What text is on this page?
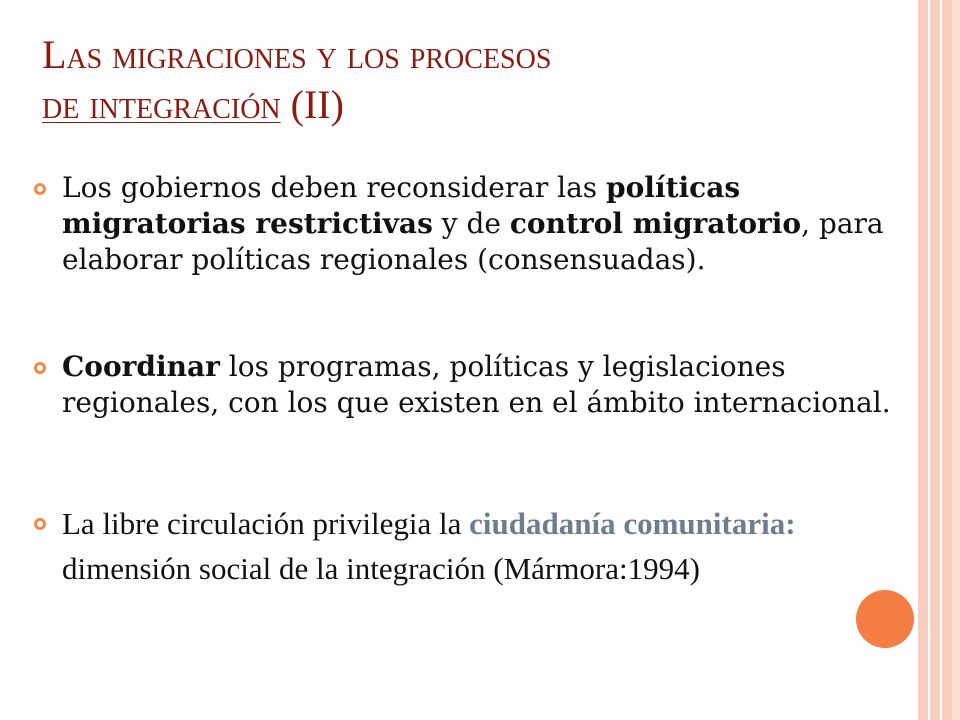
Las migraciones y los procesos
de integración (II)
Los gobiernos deben reconsiderar las políticas migratorias restrictivas y de control migratorio, para elaborar políticas regionales (consensuadas).
Coordinar los programas, políticas y legislaciones regionales, con los que existen en el ámbito internacional.
La libre circulación privilegia la ciudadanía comunitaria: dimensión social de la integración (Mármora:1994)
